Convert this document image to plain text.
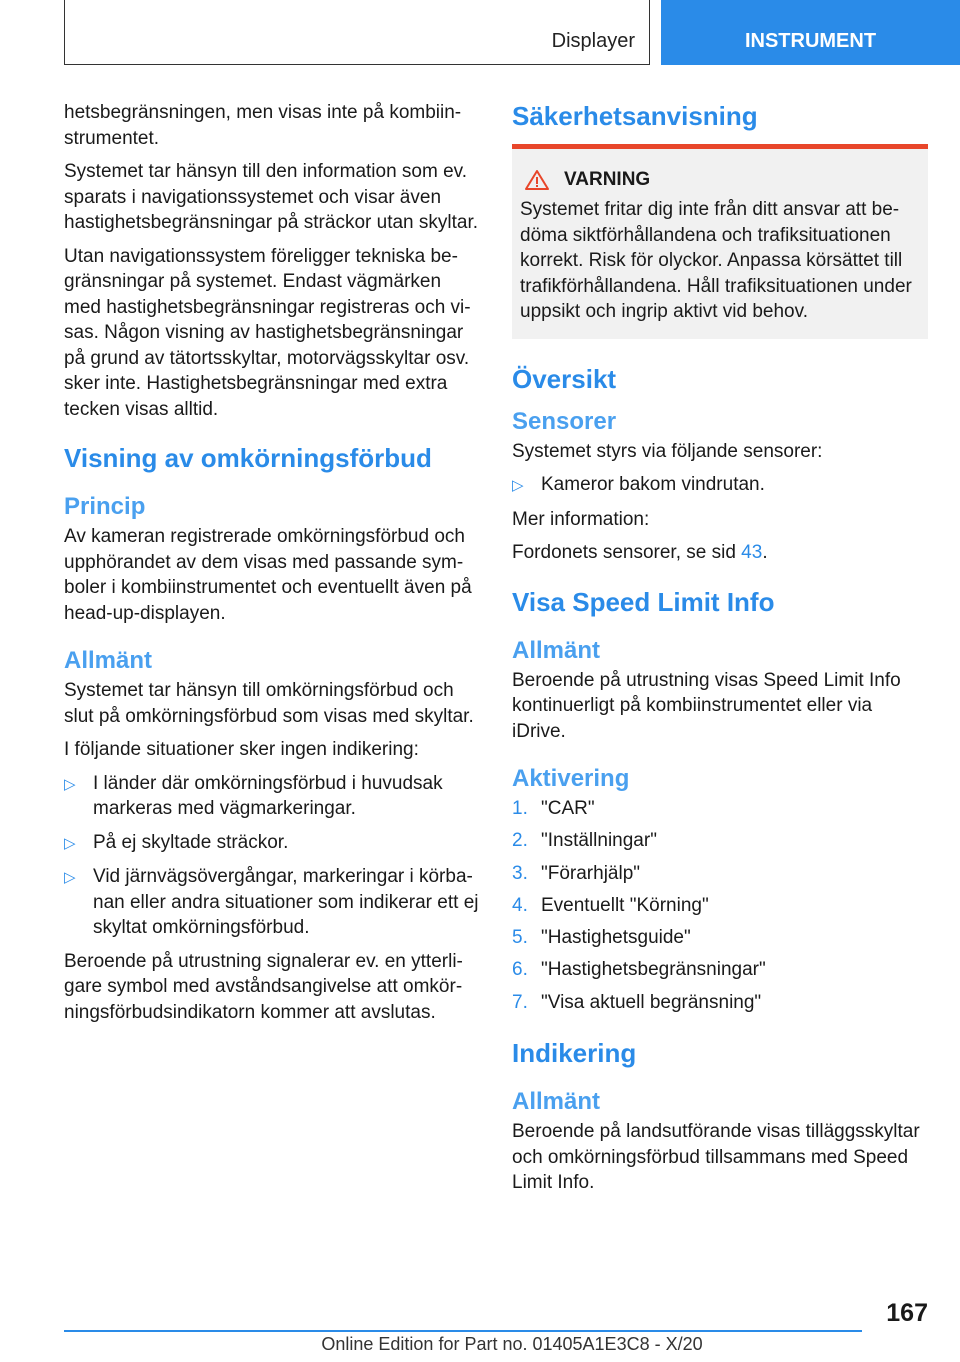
Displayer	INSTRUMENT

hetsbegränsningen, men visas inte på kombiinstrumentet.

Systemet tar hänsyn till den information som ev. sparats i navigationssystemet och visar även hastighetsbegränsningar på sträckor utan skyltar.

Utan navigationssystem föreligger tekniska begränsningar på systemet. Endast vägmärken med hastighetsbegränsningar registreras och visas. Någon visning av hastighetsbegränsningar på grund av tätortsskyltar, motorvägsskyltar osv. sker inte. Hastighetsbegränsningar med extra tecken visas alltid.

Visning av omkörningsförbud
Princip

Av kameran registrerade omkörningsförbud och upphörandet av dem visas med passande symboler i kombiinstrumentet och eventuellt även på head-up-displayen.

Allmänt

Systemet tar hänsyn till omkörningsförbud och slut på omkörningsförbud som visas med skyltar.

I följande situationer sker ingen indikering:

▷ I länder där omkörningsförbud i huvudsak markeras med vägmarkeringar.
▷ På ej skyltade sträckor.
▷ Vid järnvägsövergångar, markeringar i körbanan eller andra situationer som indikerar ett ej skyltat omkörningsförbud.

Beroende på utrustning signalerar ev. en ytterligare symbol med avståndsangivelse att omkörningsförbudsindikatorn kommer att avslutas.

Säkerhetsanvisning
VARNING

Systemet fritar dig inte från ditt ansvar att bedöma siktförhållandena och trafiksituationen korrekt. Risk för olyckor. Anpassa körsättet till trafikförhållandena. Håll trafiksituationen under uppsikt och ingrip aktivt vid behov.

Översikt
Sensorer

Systemet styrs via följande sensorer:

▷ Kameror bakom vindrutan.

Mer information:

Fordonets sensorer, se sid 43.

Visa Speed Limit Info
Allmänt

Beroende på utrustning visas Speed Limit Info kontinuerligt på kombiinstrumentet eller via iDrive.

Aktivering
1. "CAR"
2. "Inställningar"
3. "Förarhjälp"
4. Eventuellt "Körning"
5. "Hastighetsguide"
6. "Hastighetsbegränsningar"
7. "Visa aktuell begränsning"
Indikering
Allmänt

Beroende på landsutförande visas tilläggsskyltar och omkörningsförbud tillsammans med Speed Limit Info.

167
Online Edition for Part no. 01405A1E3C8 - X/20
